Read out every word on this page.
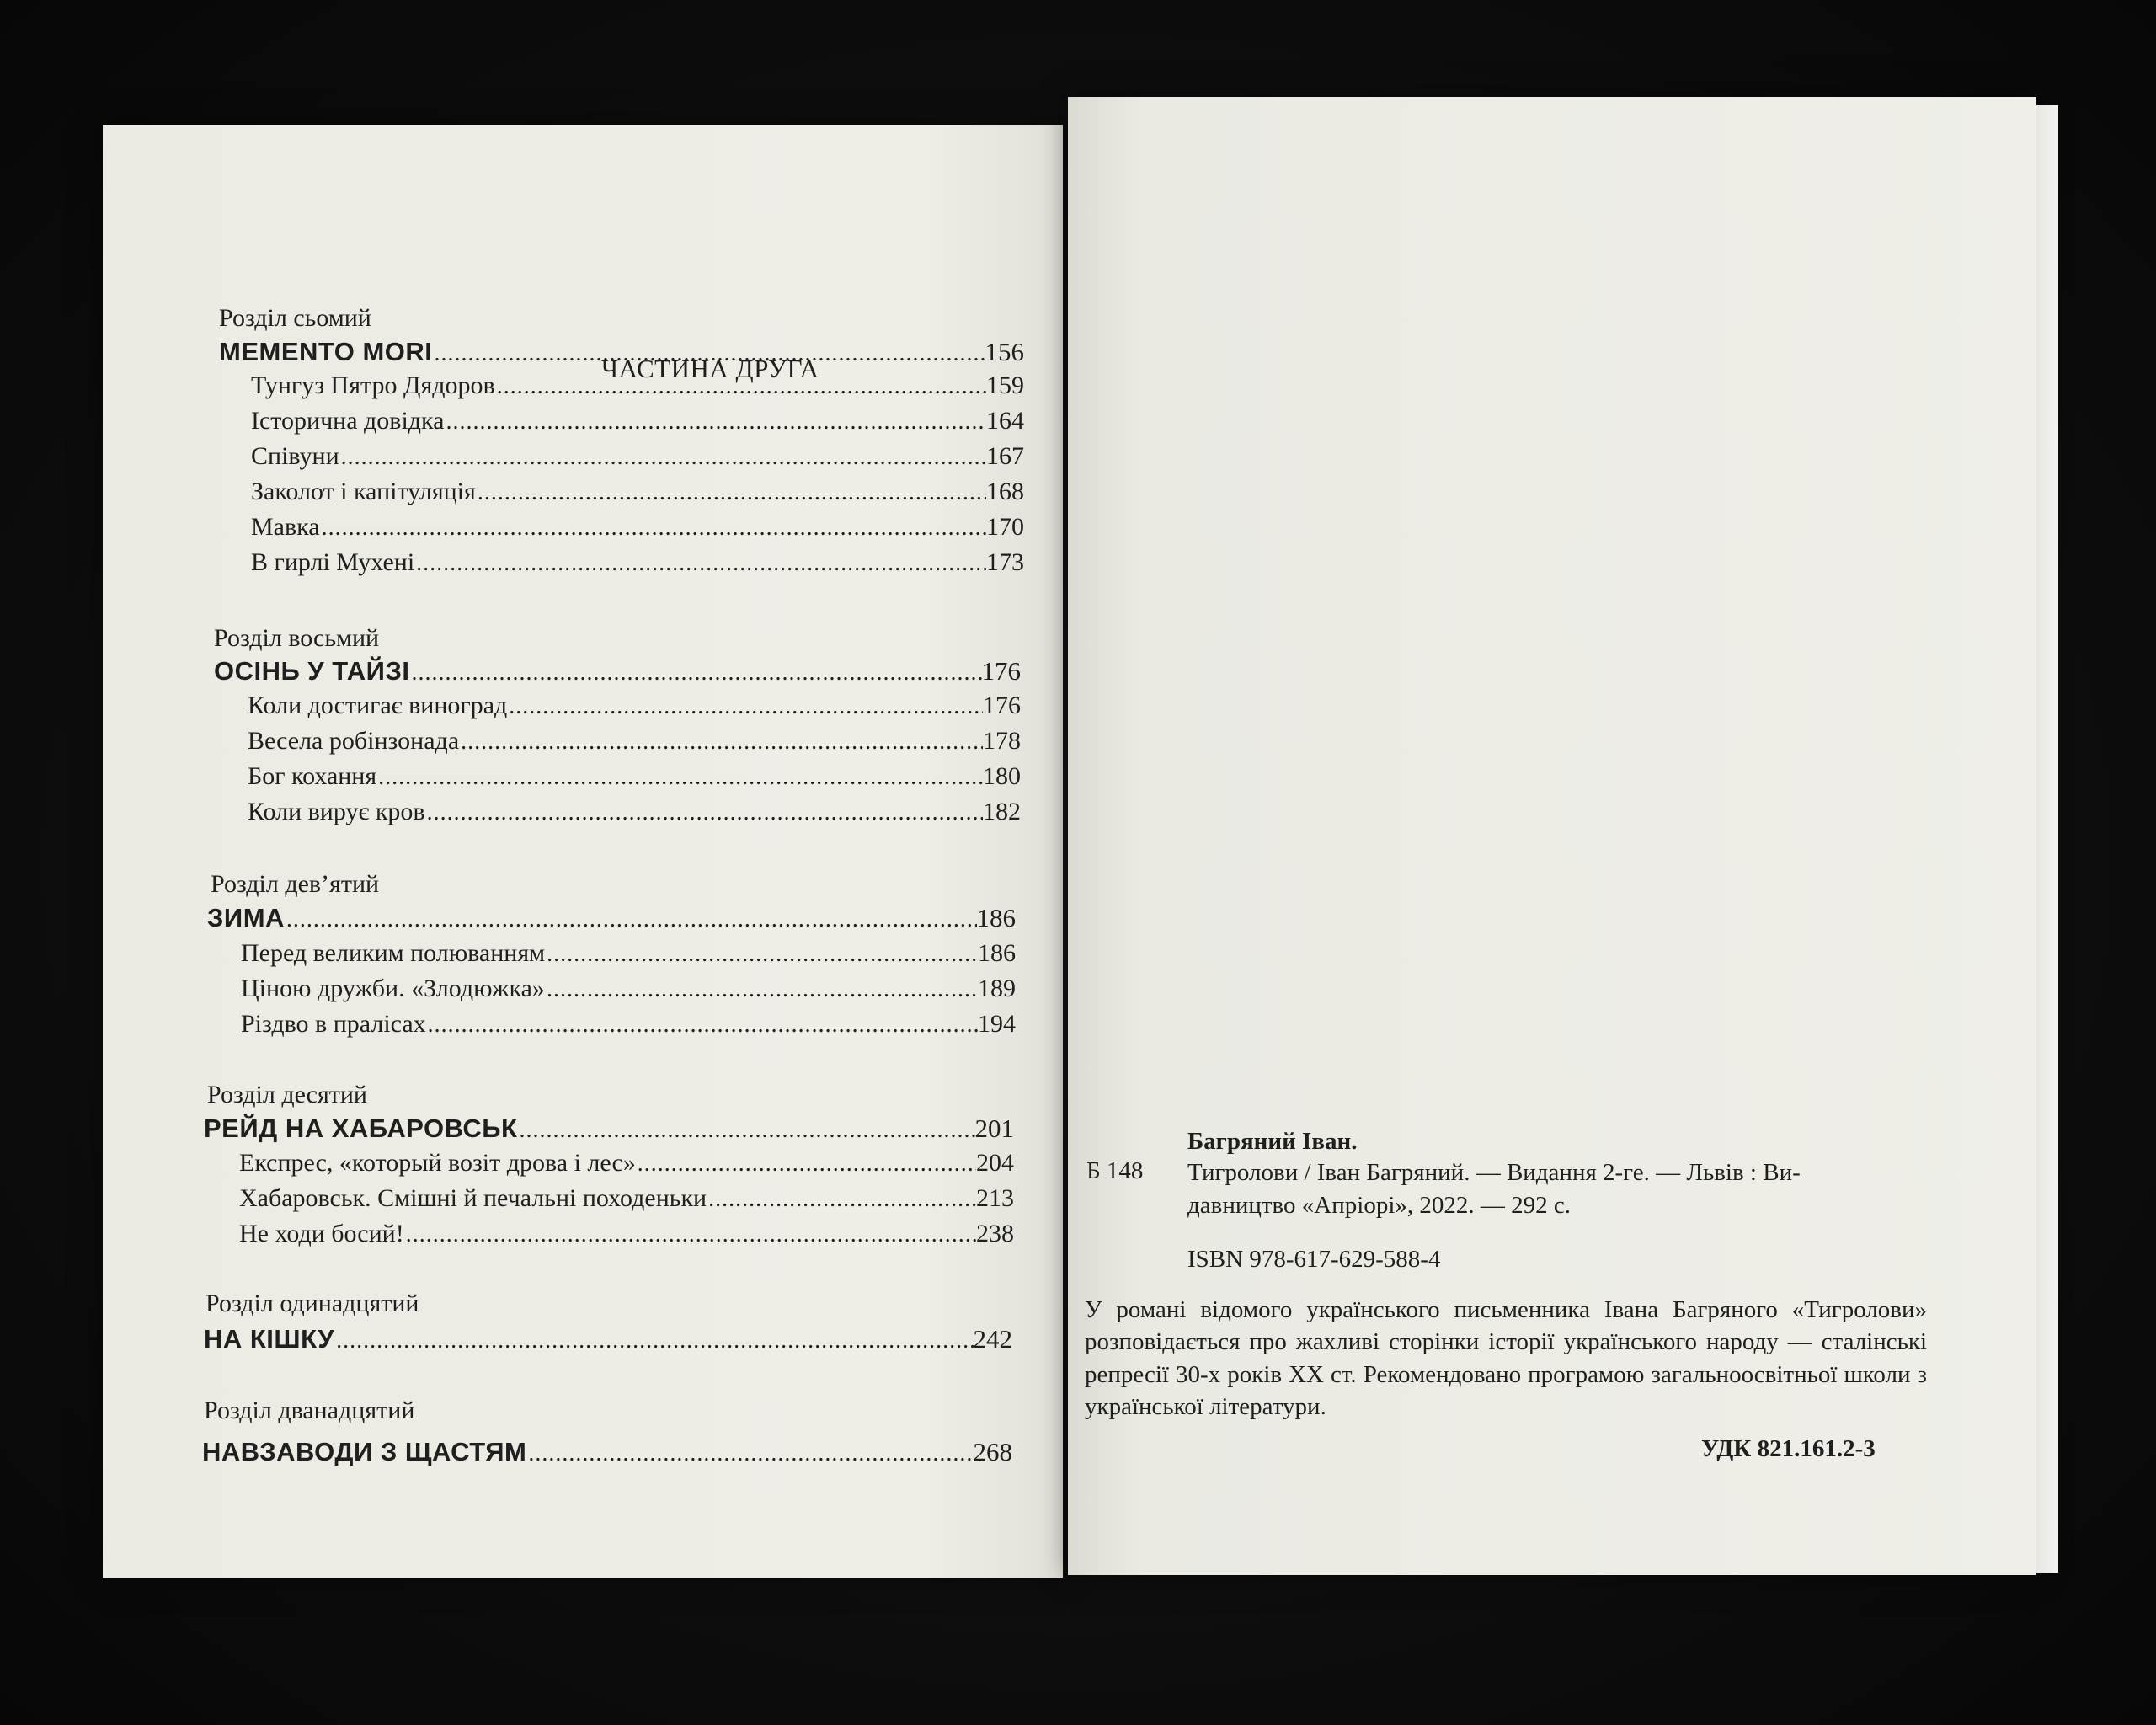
ЧАСТИНА ДРУГА
Розділ сьомий
MEMENTO MORI .....	156
Тунгуз Пятро Дядоров .....	159
Історична довідка .....	164
Співуни .....	167
Заколот і капітуляція .....	168
Мавка .....	170
В гирлі Мухені .....	173
Розділ восьмий
ОСІНЬ У ТАЙЗІ .....	176
Коли достигає виноград .....	176
Весела робінзонада .....	178
Бог кохання .....	180
Коли вирує кров .....	182
Розділ дев’ятий
ЗИМА .....	186
Перед великим полюванням .....	186
Ціною дружби. «Злодюжка» .....	189
Різдво в пралісах .....	194
Розділ десятий
РЕЙД НА ХАБАРОВСЬК .....	201
Експрес, «который возіт дрова і лес» .....	204
Хабаровськ. Смішні й печальні походеньки .....	213
Не ходи босий! .....	238
Розділ одинадцятий
НА КІШКУ .....	242
Розділ дванадцятий
НАВЗАВОДИ З ЩАСТЯМ .....	268
Багряний Іван.
Б 148 Тигролови / Іван Багряний. — Видання 2-ге. — Львів : Ви-
давництво «Апріорі», 2022. — 292 с.
ISBN 978-617-629-588-4
У романі відомого українського письменника Івана Багряного «Тигролови» розповідається про жахливі сторінки історії українського народу — сталінські репресії 30-х років XX ст. Рекомендовано програмою загальноосвітньої школи з української літератури.
УДК 821.161.2-3
